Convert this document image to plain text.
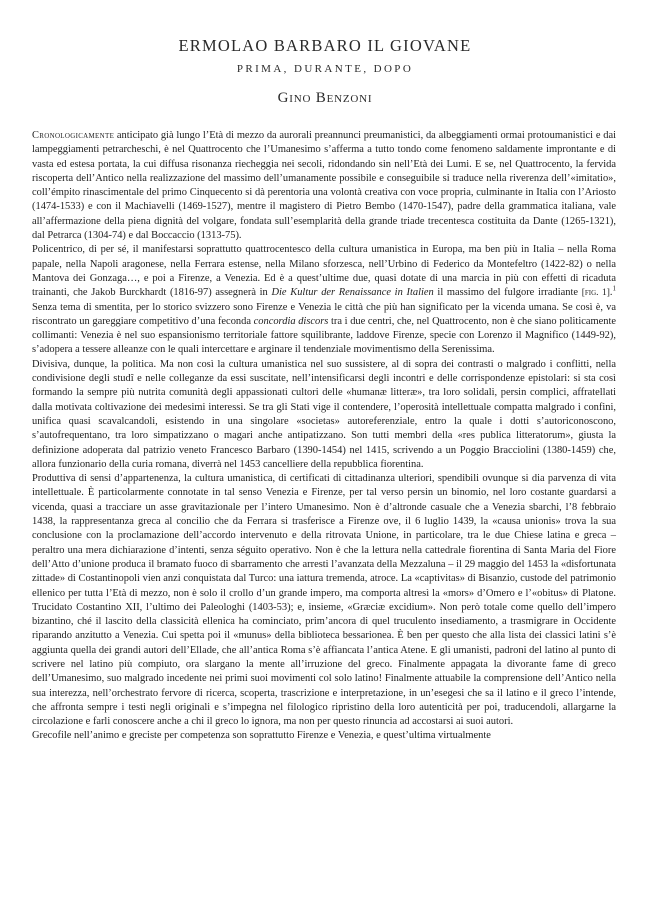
ERMOLAO BARBARO IL GIOVANE
PRIMA, DURANTE, DOPO
Gino Benzoni

Cronologicamente anticipato già lungo l’Età di mezzo da aurorali preannunci preumanistici, da albeggiamenti ormai protoumanistici e dai lampeggiamenti petrarcheschi, è nel Quattrocento che l’Umanesimo s’afferma a tutto tondo come fenomeno saldamente improntante e di vasta ed estesa portata, la cui diffusa risonanza riecheggia nei secoli, ridondando sin nell’Età dei Lumi. E se, nel Quattrocento, la fervida riscoperta dell’Antico nella realizzazione del massimo dell’umanamente possibile e conseguibile si traduce nella riverenza dell’«imitatio», coll’émpito rinascimentale del primo Cinquecento si dà perentoria una volontà creativa con voce propria, culminante in Italia con l’Ariosto (1474-1533) e con il Machiavelli (1469-1527), mentre il magistero di Pietro Bembo (1470-1547), padre della grammatica italiana, vale all’affermazione della piena dignità del volgare, fondata sull’esemplarità della grande triade trecentesca costituita da Dante (1265-1321), dal Petrarca (1304-74) e dal Boccaccio (1313-75).

Policentrico, di per sé, il manifestarsi soprattutto quattrocentesco della cultura umanistica in Europa, ma ben più in Italia – nella Roma papale, nella Napoli aragonese, nella Ferrara estense, nella Milano sforzesca, nell’Urbino di Federico da Montefeltro (1422-82) o nella Mantova dei Gonzaga…, e poi a Firenze, a Venezia. Ed è a quest’ultime due, quasi dotate di una marcia in più con effetti di ricaduta trainanti, che Jakob Burckhardt (1816-97) assegnerà in Die Kultur der Renaissance in Italien il massimo del fulgore irradiante [fig. 1].$^1$ Senza tema di smentita, per lo storico svizzero sono Firenze e Venezia le città che più han significato per la vicenda umana. Se così è, va riscontrato un gareggiare competitivo d’una feconda concordia discors tra i due centri, che, nel Quattrocento, non è che siano politicamente collimanti: Venezia è nel suo espansionismo territoriale fattore squilibrante, laddove Firenze, specie con Lorenzo il Magnifico (1449-92), s’adopera a tessere alleanze con le quali intercettare e arginare il tendenziale movimentismo della Serenissima.

Divisiva, dunque, la politica. Ma non così la cultura umanistica nel suo sussistere, al di sopra dei contrasti o malgrado i conflitti, nella condivisione degli studî e nelle colleganze da essi suscitate, nell’intensificarsi degli incontri e delle corrispondenze epistolari: si sta così formando la sempre più nutrita comunità degli appassionati cultori delle «humanæ litteræ», tra loro solidali, persin complici, affratellati dalla motivata coltivazione dei medesimi interessi. Se tra gli Stati vige il contendere, l’operosità intellettuale compatta malgrado i confini, unifica quasi scavalcandoli, esistendo in una singolare «societas» autoreferenziale, entro la quale i dotti s’autoriconoscono, s’autofrequentano, tra loro simpatizzano o magari anche antipatizzano. Son tutti membri della «res publica litteratorum», giusta la definizione adoperata dal patrizio veneto Francesco Barbaro (1390-1454) nel 1415, scrivendo a un Poggio Bracciolini (1380-1459) che, allora funzionario della curia romana, diverrà nel 1453 cancelliere della repubblica fiorentina.

Produttiva di sensi d’appartenenza, la cultura umanistica, di certificati di cittadinanza ulteriori, spendibili ovunque si dia parvenza di vita intellettuale. È particolarmente connotate in tal senso Venezia e Firenze, per tal verso persin un binomio, nel loro costante guardarsi a vicenda, quasi a tracciare un asse gravitazionale per l’intero Umanesimo. Non è d’altronde casuale che a Venezia sbarchi, l’8 febbraio 1438, la rappresentanza greca al concilio che da Ferrara si trasferisce a Firenze ove, il 6 luglio 1439, la «causa unionis» trova la sua conclusione con la proclamazione dell’accordo intervenuto e della ritrovata Unione, in particolare, tra le due Chiese latina e greca – peraltro una mera dichiarazione d’intenti, senza séguito operativo. Non è che la lettura nella cattedrale fiorentina di Santa Maria del Fiore dell’Atto d’unione produca il bramato fuoco di sbarramento che arresti l’avanzata della Mezzaluna – il 29 maggio del 1453 la «disfortunata zittade» di Costantinopoli vien anzi conquistata dal Turco: una iattura tremenda, atroce. La «captivitas» di Bisanzio, custode del patrimonio ellenico per tutta l’Età di mezzo, non è solo il crollo d’un grande impero, ma comporta altresì la «mors» d’Omero e l’«obitus» di Platone. Trucidato Costantino XII, l’ultimo dei Paleologhi (1403-53); e, insieme, «Græciæ excidium». Non però totale come quello dell’impero bizantino, ché il lascito della classicità ellenica ha cominciato, prim’ancora di quel truculento insediamento, a trasmigrare in Occidente riparando anzitutto a Venezia. Cui spetta poi il «munus» della biblioteca bessarionea. È ben per questo che alla lista dei classici latini s’è aggiunta quella dei grandi autori dell’Ellade, che all’antica Roma s’è affiancata l’antica Atene. E gli umanisti, padroni del latino al punto di scrivere nel latino più compiuto, ora slargano la mente all’irruzione del greco. Finalmente appagata la divorante fame di greco dell’Umanesimo, suo malgrado incedente nei primi suoi movimenti col solo latino! Finalmente attuabile la comprensione dell’Antico nella sua interezza, nell’orchestrato fervore di ricerca, scoperta, trascrizione e interpretazione, in un’esegesi che sa il latino e il greco l’intende, che affronta sempre i testi negli originali e s’impegna nel filologico ripristino della loro autenticità per poi, traducendoli, allargarne la circolazione e farli conoscere anche a chi il greco lo ignora, ma non per questo rinuncia ad accostarsi ai suoi autori.

Grecofile nell’animo e greciste per competenza son soprattutto Firenze e Venezia, e quest’ultima virtualmente
